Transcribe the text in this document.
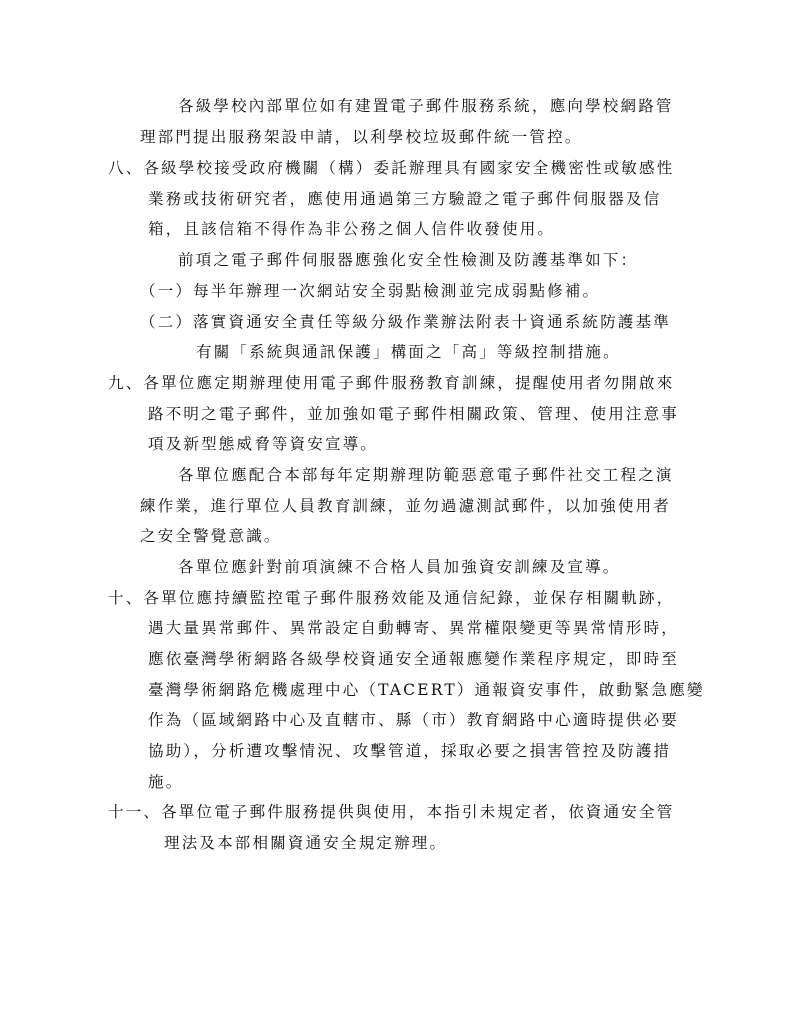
各級學校內部單位如有建置電子郵件服務系統，應向學校網路管
理部門提出服務架設申請，以利學校垃圾郵件統一管控。
八、各級學校接受政府機關（構）委託辦理具有國家安全機密性或敏感性
業務或技術研究者，應使用通過第三方驗證之電子郵件伺服器及信
箱，且該信箱不得作為非公務之個人信件收發使用。
前項之電子郵件伺服器應強化安全性檢測及防護基準如下：
（一）每半年辦理一次網站安全弱點檢測並完成弱點修補。
（二）落實資通安全責任等級分級作業辦法附表十資通系統防護基準
有關「系統與通訊保護」構面之「高」等級控制措施。
九、各單位應定期辦理使用電子郵件服務教育訓練，提醒使用者勿開啟來
路不明之電子郵件，並加強如電子郵件相關政策、管理、使用注意事
項及新型態威脅等資安宣導。
各單位應配合本部每年定期辦理防範惡意電子郵件社交工程之演
練作業，進行單位人員教育訓練，並勿過濾測試郵件，以加強使用者
之安全警覺意識。
各單位應針對前項演練不合格人員加強資安訓練及宣導。
十、各單位應持續監控電子郵件服務效能及通信紀錄，並保存相關軌跡，
遇大量異常郵件、異常設定自動轉寄、異常權限變更等異常情形時，
應依臺灣學術網路各級學校資通安全通報應變作業程序規定，即時至
臺灣學術網路危機處理中心（TACERT）通報資安事件，啟動緊急應變
作為（區域網路中心及直轄市、縣（市）教育網路中心適時提供必要
協助），分析遭攻擊情況、攻擊管道，採取必要之損害管控及防護措
施。
十一、各單位電子郵件服務提供與使用，本指引未規定者，依資通安全管
理法及本部相關資通安全規定辦理。
